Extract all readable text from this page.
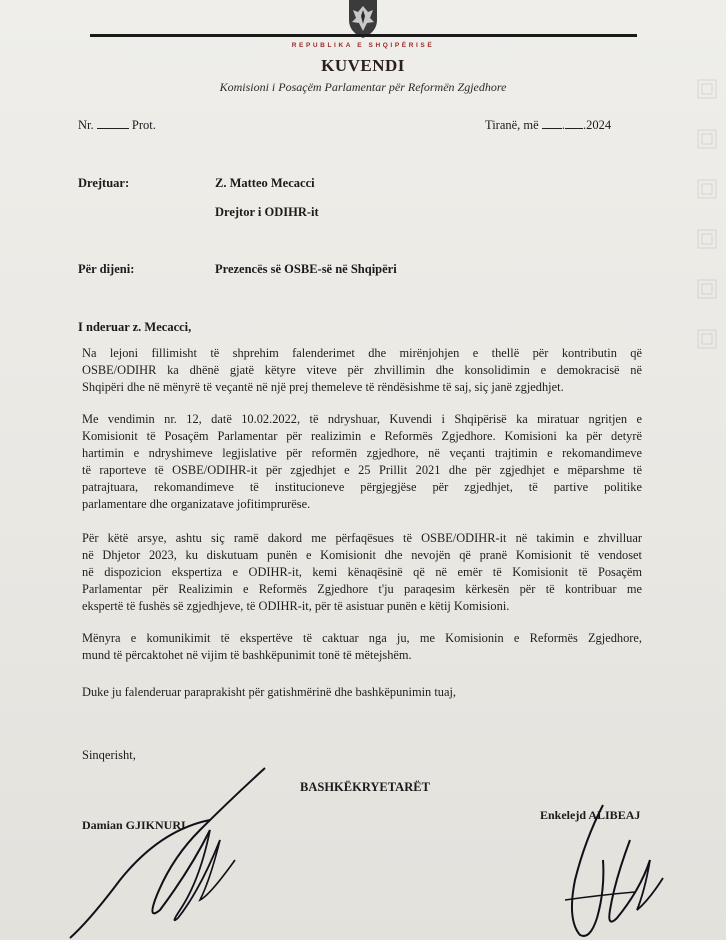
REPUBLIKA E SHQIPËRISË
KUVENDI
Komisioni i Posaçëm Parlamentar për Reformën Zgjedhore
Nr.	Prot.	Tiranë, më . .2024
Drejtuar:	Z. Matteo Mecacci
Drejtor i ODIHR-it
Për dijeni:	Prezencës së OSBE-së në Shqipëri
I nderuar z. Mecacci,
Na lejoni fillimisht të shprehim falenderimet dhe mirënjohjen e thellë për kontributin që
OSBE/ODIHR ka dhënë gjatë këtyre viteve për zhvillimin dhe konsolidimin e demokracisë në
Shqipëri dhe në mënyrë të veçantë në një prej themeleve të rëndësishme të saj, siç janë zgjedhjet.
Me vendimin nr. 12, datë 10.02.2022, të ndryshuar, Kuvendi i Shqipërisë ka miratuar ngritjen e
Komisionit të Posaçëm Parlamentar për realizimin e Reformës Zgjedhore. Komisioni ka për detyrë
hartimin e ndryshimeve legjislative për reformën zgjedhore, në veçanti trajtimin e rekomandimeve
të raporteve të OSBE/ODIHR-it për zgjedhjet e 25 Prillit 2021 dhe për zgjedhjet e mëparshme të
patrajtuara, rekomandimeve të institucioneve përgjegjëse për zgjedhjet, të partive politike
parlamentare dhe organizatave jofitimprurëse.
Për këtë arsye, ashtu siç ramë dakord me përfaqësues të OSBE/ODIHR-it në takimin e zhvilluar
në Dhjetor 2023, ku diskutuam punën e Komisionit dhe nevojën që pranë Komisionit të vendoset
në dispozicion ekspertiza e ODIHR-it, kemi kënaqësinë që në emër të Komisionit të Posaçëm
Parlamentar për Realizimin e Reformës Zgjedhore t'ju paraqesim kërkesën për të kontribuar me
ekspertë të fushës së zgjedhjeve, të ODIHR-it, për të asistuar punën e këtij Komisioni.
Mënyra e komunikimit të ekspertëve të caktuar nga ju, me Komisionin e Reformës Zgjedhore,
mund të përcaktohet në vijim të bashkëpunimit tonë të mëtejshëm.
Duke ju falenderuar paraprakisht për gatishmërinë dhe bashkëpunimin tuaj,
Sinqerisht,
BASHKËKRYETARËT
Damian GJIKNURI
Enkelejd ALIBEAJ
